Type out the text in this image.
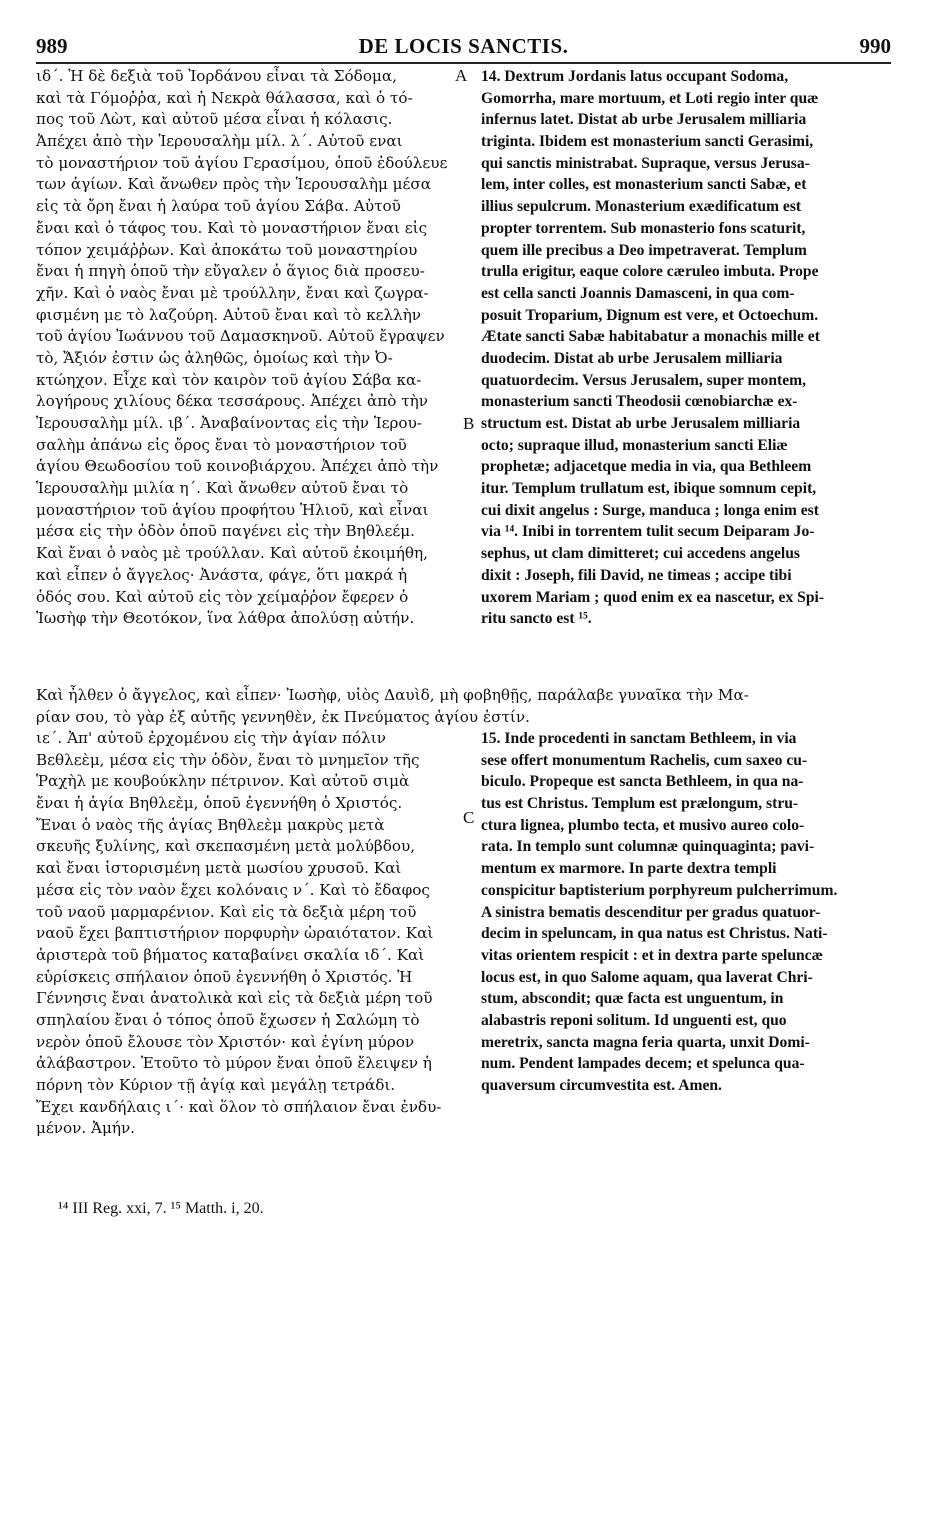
989	DE LOCIS SANCTIS.	990
ιδ΄. Ἡ δὲ δεξιὰ τοῦ Ἰορδάνου εἶναι τὰ Σόδομα,
καὶ τὰ Γόμοῤῥα, καὶ ἡ Νεκρὰ θάλασσα, καὶ ὁ τό-
πος τοῦ Λὼτ, καὶ αὐτοῦ μέσα εἶναι ἡ κόλασις.
Ἀπέχει ἀπὸ τὴν Ἱερουσαλὴμ μίλ. λ΄. Αὐτοῦ εναι
τὸ μοναστήριον τοῦ ἁγίου Γερασίμου, ὁποῦ ἐδούλευε
των ἁγίων. Καὶ ἄνωθεν πρὸς τὴν Ἱερουσαλὴμ μέσα
εἰς τὰ ὄρη ἔναι ἡ λαύρα τοῦ ἁγίου Σάβα. Αὐτοῦ
ἔναι καὶ ὁ τάφος του. Καὶ τὸ μοναστήριον ἔναι εἰς
τόπον χειμάῤῥων. Καὶ ἀποκάτω τοῦ μοναστηρίου
ἔναι ἡ πηγὴ ὁποῦ τὴν εὔγαλεν ὁ ἅγιος διὰ προσευ-
χῆν. Καὶ ὁ ναὸς ἔναι μὲ τρούλλην, ἔναι καὶ ζωγρα-
φισμένη με τὸ λαζούρη. Αὐτοῦ ἔναι καὶ τὸ κελλὴν
τοῦ ἁγίου Ἰωάννου τοῦ Δαμασκηνοῦ. Αὐτοῦ ἔγραψεν
τὸ, Ἄξιόν ἐστιν ὡς ἀληθῶς, ὁμοίως καὶ τὴν Ὀ-
κτώηχον. Εἶχε καὶ τὸν καιρὸν τοῦ ἁγίου Σάβα κα-
λογήρους χιλίους δέκα τεσσάρους. Ἀπέχει ἀπὸ τὴν
Ἱερουσαλὴμ μίλ. ιβ΄. Ἀναβαίνοντας εἰς τὴν Ἱερου-
σαλὴμ ἀπάνω εἰς ὄρος ἔναι τὸ μοναστήριον τοῦ
ἁγίου Θεωδοσίου τοῦ κοινοβιάρχου. Ἀπέχει ἀπὸ τὴν
Ἱερουσαλὴμ μιλία η΄. Καὶ ἄνωθεν αὐτοῦ ἔναι τὸ
μοναστήριον τοῦ ἁγίου προφήτου Ἡλιοῦ, καὶ εἶναι
μέσα εἰς τὴν ὁδὸν ὁποῦ παγένει εἰς τὴν Βηθλεέμ.
Καὶ ἔναι ὁ ναὸς μὲ τρούλλαν. Καὶ αὐτοῦ ἐκοιμήθη,
καὶ εἶπεν ὁ ἄγγελος· Ἀνάστα, φάγε, ὅτι μακρά ἡ
ὁδός σου. Καὶ αὐτοῦ εἰς τὸν χείμαῤῥον ἔφερεν ὁ
Ἰωσὴφ τὴν Θεοτόκον, ἵνα λάθρα ἀπολύσῃ αὐτήν.
14. Dextrum Jordanis latus occupant Sodoma,
Gomorrha, mare mortuum, et Loti regio inter quæ
infernus latet. Distat ab urbe Jerusalem milliaria
triginta. Ibidem est monasterium sancti Gerasimi,
qui sanctis ministrabat. Supraque, versus Jerusa-
lem, inter colles, est monasterium sancti Sabæ, et
illius sepulcrum. Monasterium exædificatum est
propter torrentem. Sub monasterio fons scaturit,
quem ille precibus a Deo impetraverat. Templum
trulla erigitur, eaque colore cæruleo imbuta. Prope
est cella sancti Joannis Damasceni, in qua com-
posuit Troparium, Dignum est vere, et Octoechum.
Ætate sancti Sabæ habitabatur a monachis mille et
duodecim. Distat ab urbe Jerusalem milliaria
quatuordecim. Versus Jerusalem, super montem,
monasterium sancti Theodosii cœnobiarchæ ex-
structum est. Distat ab urbe Jerusalem milliaria
octo; supraque illud, monasterium sancti Eliæ
prophetæ; adjacetque media in via, qua Bethleem
itur. Templum trullatum est, ibique somnum cepit,
cui dixit angelus : Surge, manduca ; longa enim est
via ¹⁴. Inibi in torrentem tulit secum Deiparam Jo-
sephus, ut clam dimitteret; cui accedens angelus
dixit : Joseph, fili David, ne timeas ; accipe tibi
uxorem Mariam ; quod enim ex ea nascetur, ex Spi-
ritu sancto est ¹⁵.
A
B
C
Καὶ ἦλθεν ὁ ἄγγελος, καὶ εἶπεν· Ἰωσὴφ, υἱὸς Δαυὶδ, μὴ φοβηθῇς, παράλαβε γυναῖκα τὴν Μα-
ρίαν σου, τὸ γὰρ ἐξ αὐτῆς γεννηθὲν, ἐκ Πνεύματος ἁγίου ἐστίν.
ιε΄. Ἀπ' αὐτοῦ ἐρχομένου εἰς τὴν ἁγίαν πόλιν
Βεθλεὲμ, μέσα εἰς τὴν ὁδὸν, ἔναι τὸ μνημεῖον τῆς
Ῥαχὴλ με κουβούκλην πέτρινον. Καὶ αὐτοῦ σιμὰ
ἔναι ἡ ἁγία Βηθλεὲμ, ὁποῦ ἐγεννήθη ὁ Χριστός.
Ἔναι ὁ ναὸς τῆς ἁγίας Βηθλεὲμ μακρὺς μετὰ
σκευῆς ξυλίνης, καὶ σκεπασμένη μετὰ μολύβδου,
καὶ ἔναι ἱστορισμένη μετὰ μωσίου χρυσοῦ. Καὶ
μέσα εἰς τὸν ναὸν ἔχει κολόναις ν΄. Καὶ τὸ ἔδαφος
τοῦ ναοῦ μαρμαρένιον. Καὶ εἰς τὰ δεξιὰ μέρη τοῦ
ναοῦ ἔχει βαπτιστήριον πορφυρὴν ὡραιότατον. Καὶ
ἀριστερὰ τοῦ βήματος καταβαίνει σκαλία ιδ΄. Καὶ
εὑρίσκεις σπήλαιον ὁποῦ ἐγεννήθη ὁ Χριστός. Ἡ
Γέννησις ἔναι ἀνατολικὰ καὶ εἰς τὰ δεξιὰ μέρη τοῦ
σπηλαίου ἔναι ὁ τόπος ὁποῦ ἔχωσεν ἡ Σαλώμη τὸ
νερὸν ὁποῦ ἔλουσε τὸν Χριστόν· καὶ ἐγίνη μύρον
ἀλάβαστρον. Ἐτοῦτο τὸ μύρον ἔναι ὁποῦ ἔλειψεν ἡ
πόρνη τὸν Κύριον τῇ ἁγίᾳ καὶ μεγάλῃ τετράδι.
Ἔχει κανδήλαις ι΄· καὶ ὅλον τὸ σπήλαιον ἔναι ἐνδυ-
μένον. Ἀμήν.
15. Inde procedenti in sanctam Bethleem, in via
sese offert monumentum Rachelis, cum saxeo cu-
biculo. Propeque est sancta Bethleem, in qua na-
tus est Christus. Templum est prælongum, stru-
ctura lignea, plumbo tecta, et musivo aureo colo-
rata. In templo sunt columnæ quinquaginta; pavi-
mentum ex marmore. In parte dextra templi
conspicitur baptisterium porphyreum pulcherrimum.
A sinistra bematis descenditur per gradus quatuor-
decim in speluncam, in qua natus est Christus. Nati-
vitas orientem respicit : et in dextra parte speluncæ
locus est, in quo Salome aquam, qua laverat Chri-
stum, abscondit; quæ facta est unguentum, in
alabastris reponi solitum. Id unguenti est, quo
meretrix, sancta magna feria quarta, unxit Domi-
num. Pendent lampades decem; et spelunca qua-
quaversum circumvestita est. Amen.
¹⁴ III Reg. xxi, 7. ¹⁵ Matth. i, 20.
